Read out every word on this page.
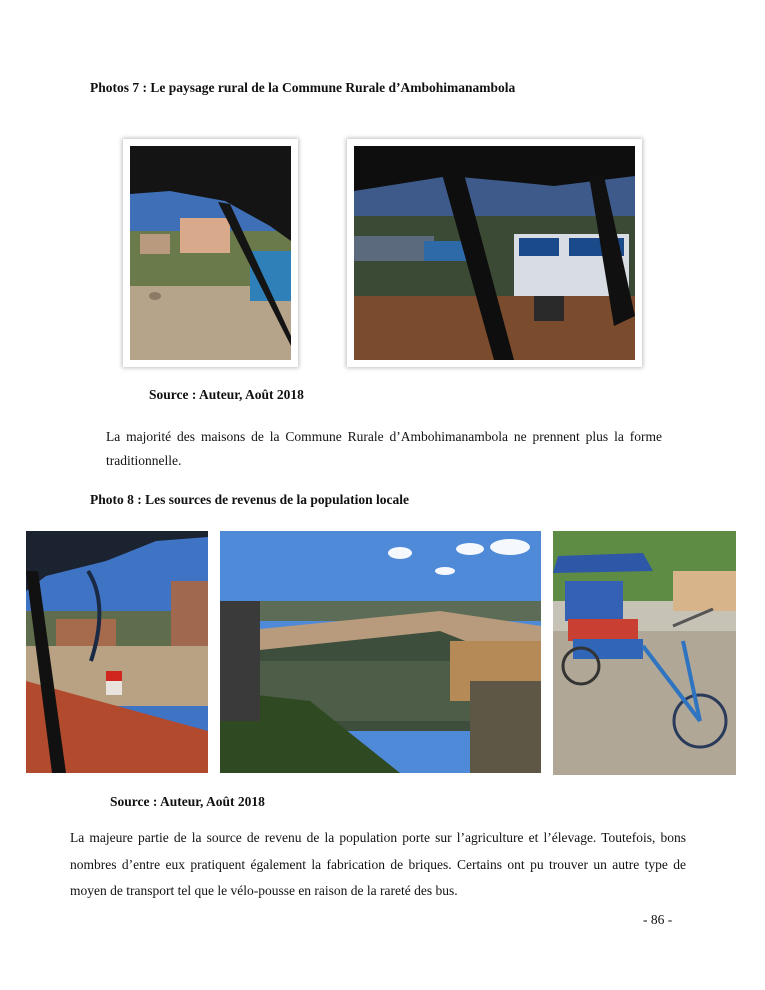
Photos 7 : Le paysage rural de la Commune Rurale d’Ambohimanambola
Source : Auteur, Août 2018
La majorité des maisons de la Commune Rurale d’Ambohimanambola ne prennent plus la forme traditionnelle.
Photo 8 : Les sources de revenus de la population locale
Source : Auteur, Août 2018
La majeure partie de la source de revenu de la population porte sur l’agriculture et l’élevage. Toutefois, bons nombres d’entre eux pratiquent également la fabrication de briques. Certains ont pu trouver un autre type de moyen de transport tel que le vélo-pousse en raison de la rareté des bus.
- 86 -
